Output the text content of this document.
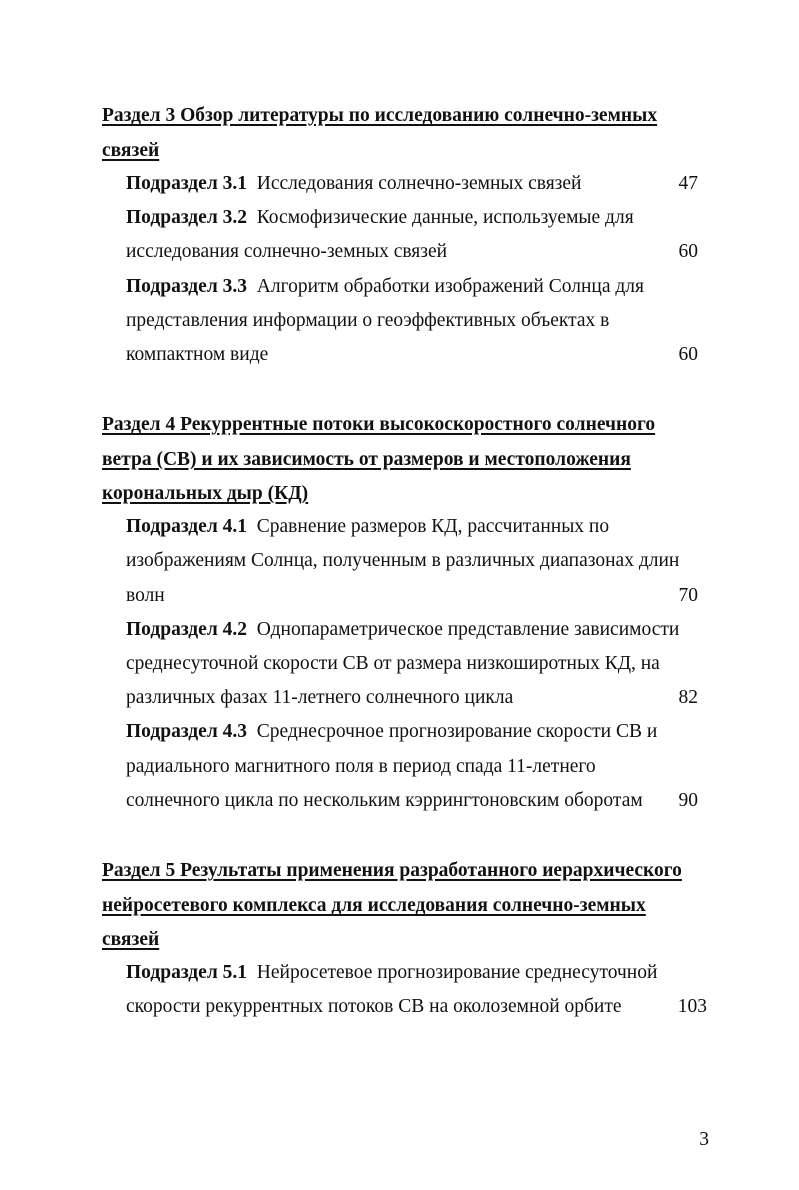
Раздел 3 Обзор литературы по исследованию солнечно-земных
связей
Подраздел 3.1 Исследования солнечно-земных связей	47
Подраздел 3.2 Космофизические данные, используемые для
исследования солнечно-земных связей	60
Подраздел 3.3 Алгоритм обработки изображений Солнца для
представления информации о геоэффективных объектах в
компактном виде	60
Раздел 4 Рекуррентные потоки высокоскоростного солнечного
ветра (СВ) и их зависимость от размеров и местоположения
корональных дыр (КД)
Подраздел 4.1 Сравнение размеров КД, рассчитанных по
изображениям Солнца, полученным в различных диапазонах длин
волн	70
Подраздел 4.2 Однопараметрическое представление зависимости
среднесуточной скорости СВ от размера низкоширотных КД, на
различных фазах 11-летнего солнечного цикла	82
Подраздел 4.3 Среднесрочное прогнозирование скорости СВ и
радиального магнитного поля в период спада 11-летнего
солнечного цикла по нескольким кэррингтоновским оборотам 90
Раздел 5 Результаты применения разработанного иерархического
нейросетевого комплекса для исследования солнечно-земных
связей
Подраздел 5.1 Нейросетевое прогнозирование среднесуточной
скорости рекуррентных потоков СВ на околоземной орбите	103
3
